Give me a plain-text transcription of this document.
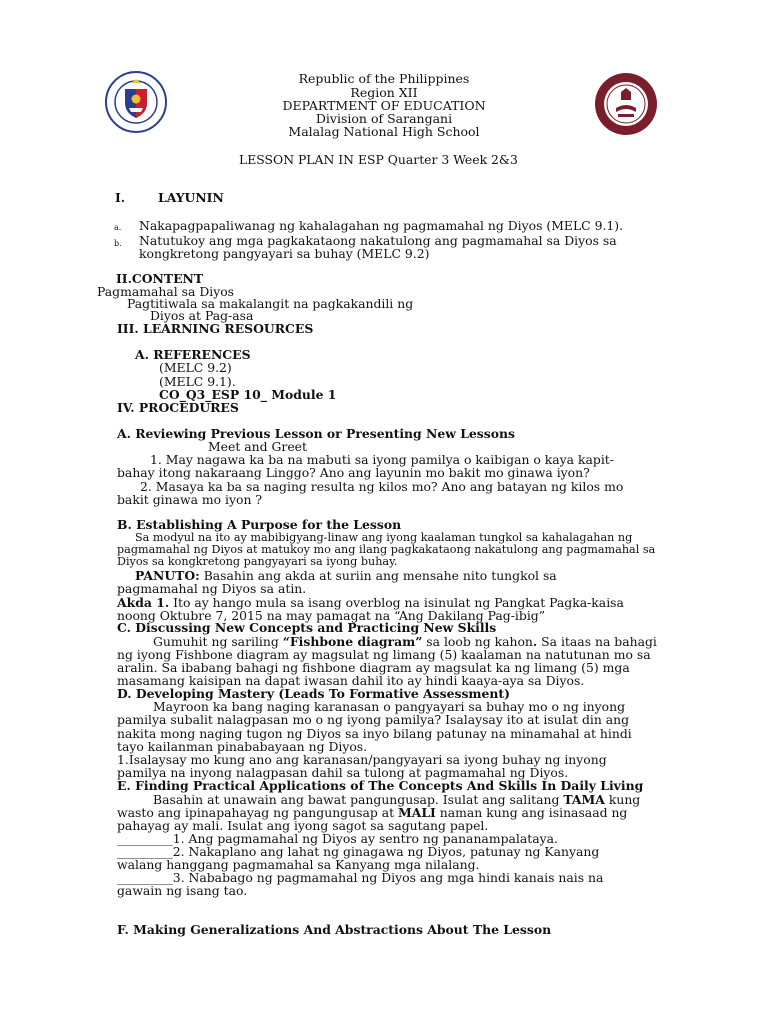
Republic of the Philippines
Region XII
DEPARTMENT OF EDUCATION
Division of Sarangani
Malalag National High School
LESSON PLAN IN ESP Quarter 3 Week 2&3
I.	LAYUNIN
a. Nakapagpapaliwanag ng kahalagahan ng pagmamahal ng Diyos (MELC 9.1).
b. Natutukoy ang mga pagkakataong nakatulong ang pagmamahal sa Diyos sa
kongkretong pangyayari sa buhay (MELC 9.2)
II.CONTENT
Pagmamahal sa Diyos
Pagtitiwala sa makalangit na pagkakandili ng
Diyos at Pag-asa
III. LEARNING RESOURCES
A. REFERENCES
(MELC 9.2)
(MELC 9.1).
CO_Q3_ESP 10_ Module 1
IV. PROCEDURES
A. Reviewing Previous Lesson or Presenting New Lessons
Meet and Greet
1. May nagawa ka ba na mabuti sa iyong pamilya o kaibigan o kaya kapit-
bahay itong nakaraang Linggo? Ano ang layunin mo bakit mo ginawa iyon?
2. Masaya ka ba sa naging resulta ng kilos mo? Ano ang batayan ng kilos mo
bakit ginawa mo iyon ?
B. Establishing A Purpose for the Lesson
Sa modyul na ito ay mabibigyang-linaw ang iyong kaalaman tungkol sa kahalagahan ng
pagmamahal ng Diyos at matukoy mo ang ilang pagkakataong nakatulong ang pagmamahal sa
Diyos sa kongkretong pangyayari sa iyong buhay.
PANUTO: Basahin ang akda at suriin ang mensahe nito tungkol sa
pagmamahal ng Diyos sa atin.
Akda 1. Ito ay hango mula sa isang overblog na isinulat ng Pangkat Pagka-kaisa
noong Oktubre 7, 2015 na may pamagat na “Ang Dakilang Pag-ibig”
C. Discussing New Concepts and Practicing New Skills
Gumuhit ng sariling “Fishbone diagram” sa loob ng kahon. Sa itaas na bahagi
ng iyong Fishbone diagram ay magsulat ng limang (5) kaalaman na natutunan mo sa
aralin. Sa ibabang bahagi ng fishbone diagram ay magsulat ka ng limang (5) mga
masamang kaisipan na dapat iwasan dahil ito ay hindi kaaya-aya sa Diyos.
D. Developing Mastery (Leads To Formative Assessment)
Mayroon ka bang naging karanasan o pangyayari sa buhay mo o ng inyong
pamilya subalit nalagpasan mo o ng iyong pamilya? Isalaysay ito at isulat din ang
nakita mong naging tugon ng Diyos sa inyo bilang patunay na minamahal at hindi
tayo kailanman pinababayaan ng Diyos.
1.Isalaysay mo kung ano ang karanasan/pangyayari sa iyong buhay ng inyong
pamilya na inyong nalagpasan dahil sa tulong at pagmamahal ng Diyos.
E. Finding Practical Applications of The Concepts And Skills In Daily Living
Basahin at unawain ang bawat pangungusap. Isulat ang salitang TAMA kung
wasto ang ipinapahayag ng pangungusap at MALI naman kung ang isinasaad ng
pahayag ay mali. Isulat ang iyong sagot sa sagutang papel.
_________1. Ang pagmamahal ng Diyos ay sentro ng pananampalataya.
_________2. Nakaplano ang lahat ng ginagawa ng Diyos, patunay ng Kanyang
walang hanggang pagmamahal sa Kanyang mga nilalang.
_________3. Nababago ng pagmamahal ng Diyos ang mga hindi kanais nais na
gawain ng isang tao.
F. Making Generalizations And Abstractions About The Lesson
